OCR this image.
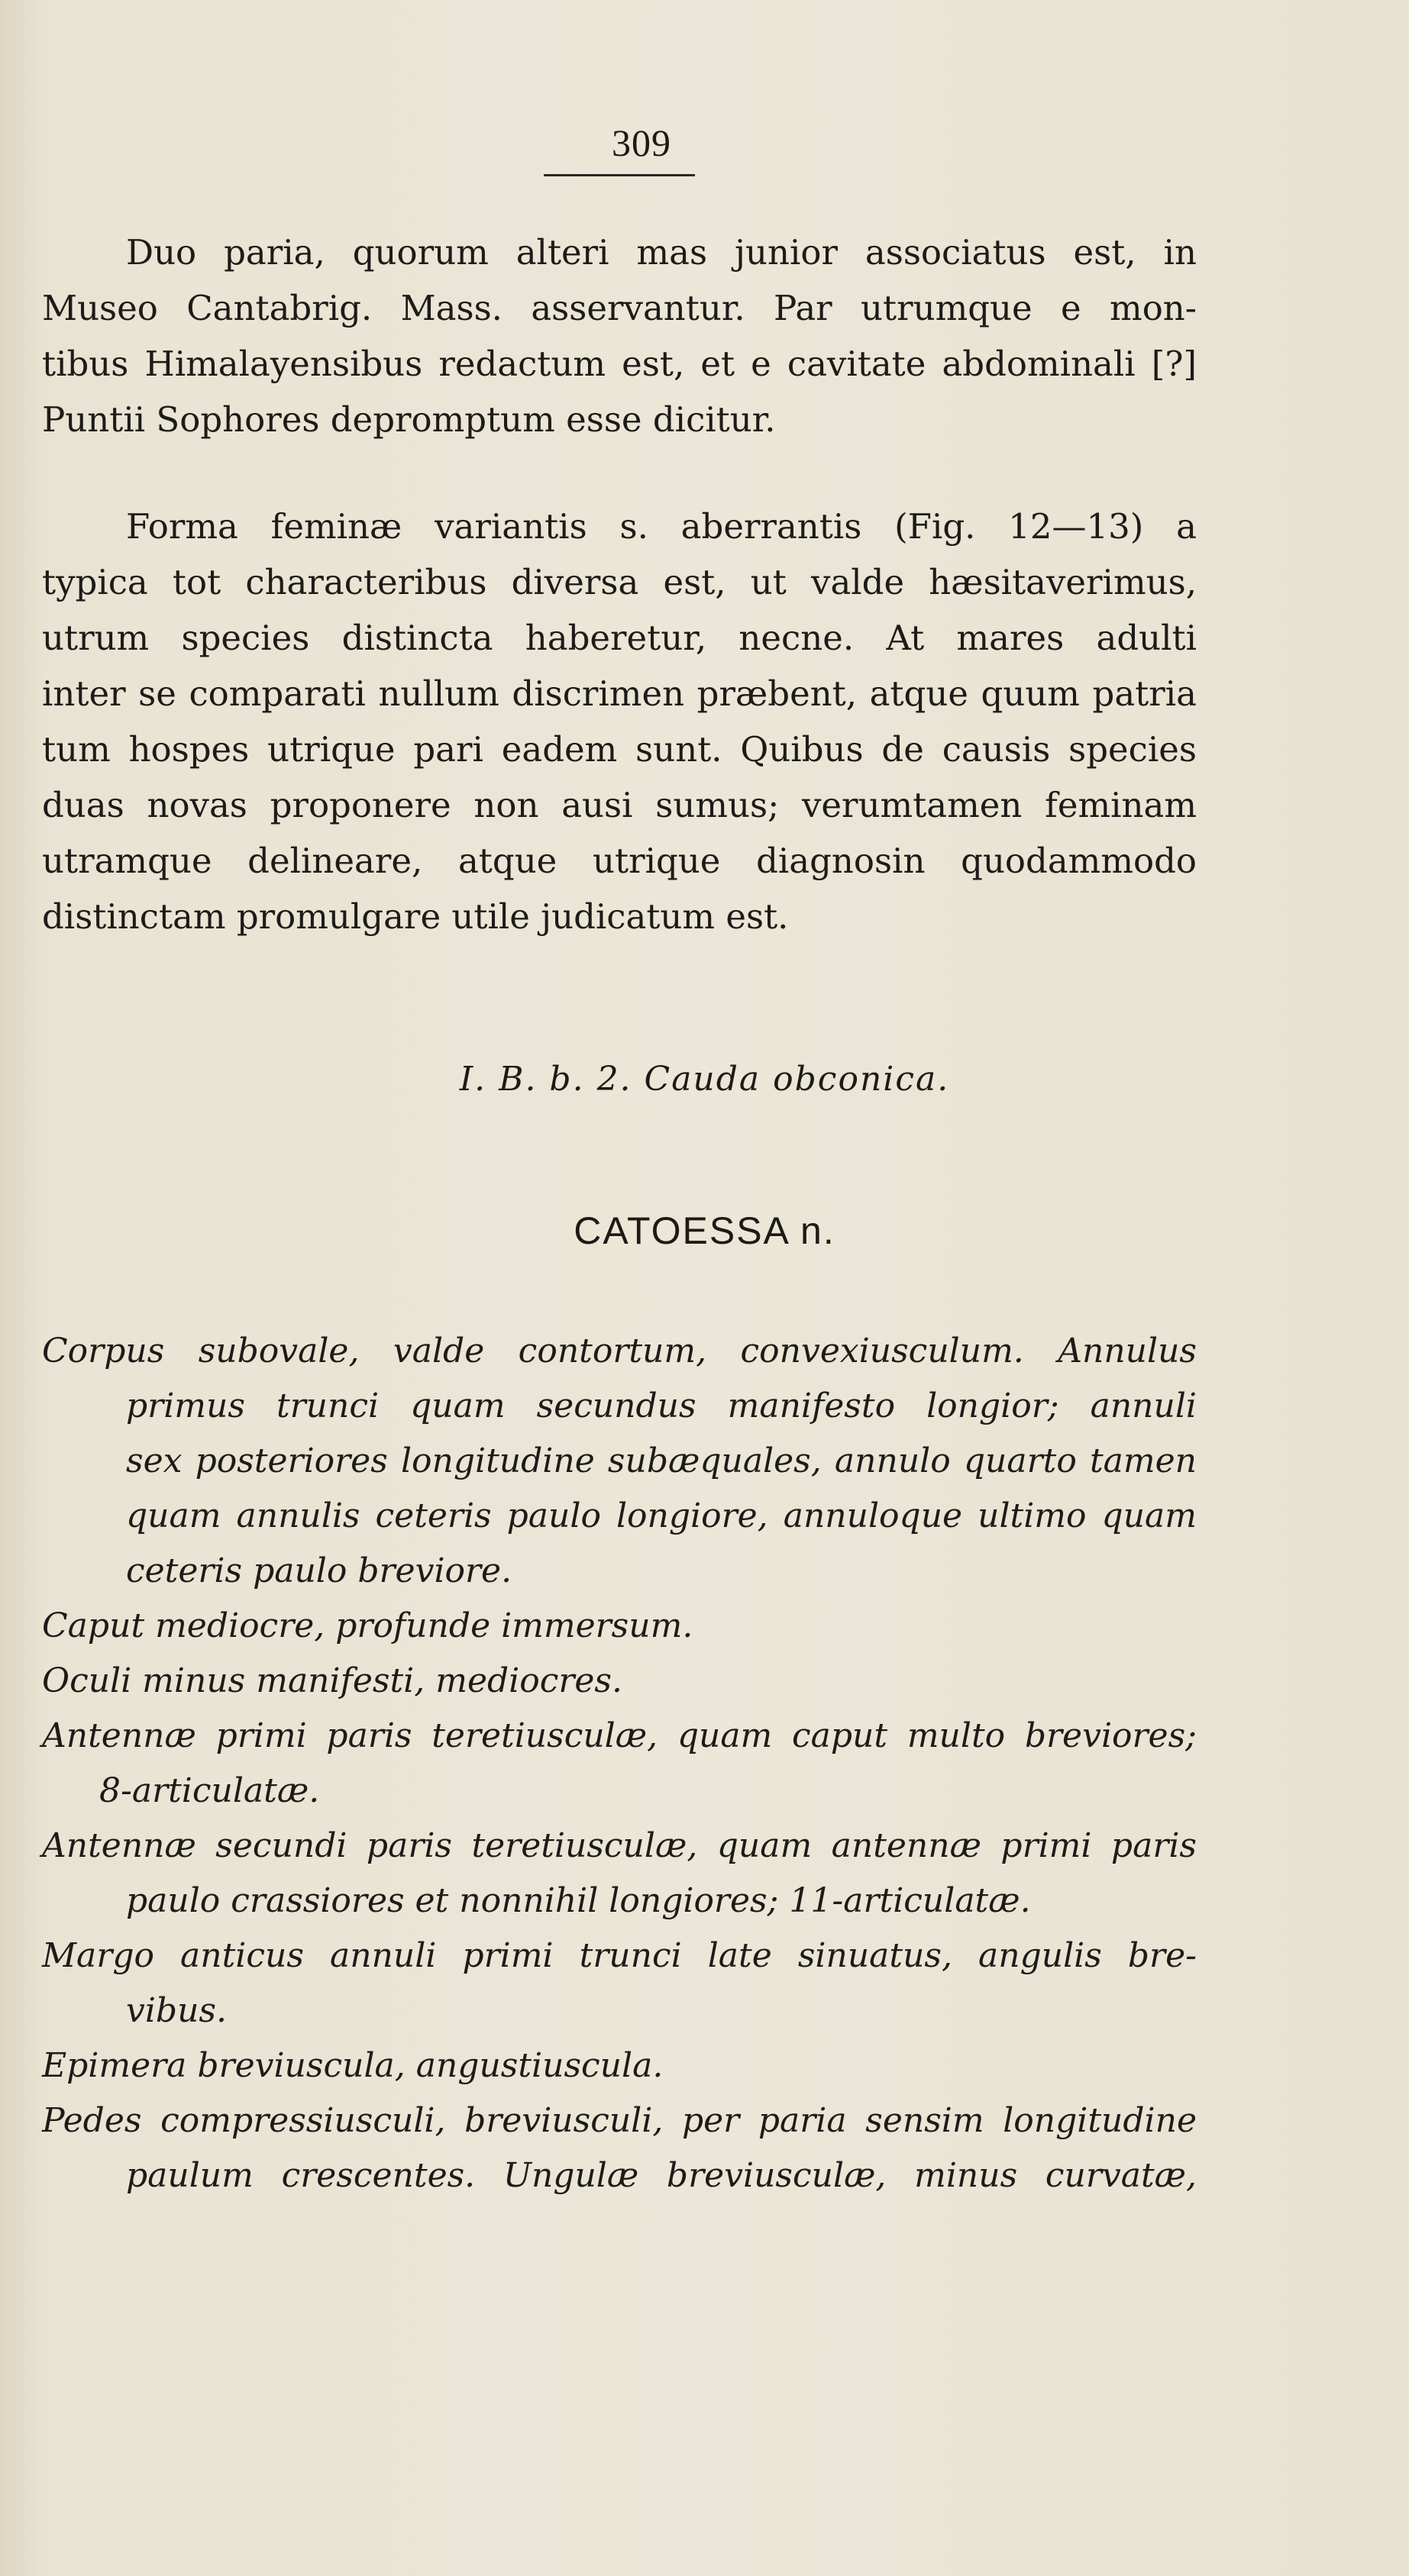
309
Duo paria, quorum alteri mas junior associatus est, in
Museo Cantabrig. Mass. asservantur. Par utrumque e mon-
tibus Himalayensibus redactum est, et e cavitate abdominali [?]
Puntii Sophores depromptum esse dicitur.
Forma feminæ variantis s. aberrantis (Fig. 12—13) a
typica tot characteribus diversa est, ut valde hæsitaverimus,
utrum species distincta haberetur, necne. At mares adulti
inter se comparati nullum discrimen præbent, atque quum patria
tum hospes utrique pari eadem sunt. Quibus de causis species
duas novas proponere non ausi sumus; verumtamen feminam
utramque delineare, atque utrique diagnosin quodammodo
distinctam promulgare utile judicatum est.
I. B. b. 2. Cauda obconica.
CATOESSA n.
Corpus subovale, valde contortum, convexiusculum. Annulus
primus trunci quam secundus manifesto longior; annuli
sex posteriores longitudine subæquales, annulo quarto tamen
quam annulis ceteris paulo longiore, annuloque ultimo quam
ceteris paulo breviore.
Caput mediocre, profunde immersum.
Oculi minus manifesti, mediocres.
Antennæ primi paris teretiusculæ, quam caput multo breviores;
8-articulatæ.
Antennæ secundi paris teretiusculæ, quam antennæ primi paris
paulo crassiores et nonnihil longiores; 11-articulatæ.
Margo anticus annuli primi trunci late sinuatus, angulis bre-
vibus.
Epimera breviuscula, angustiuscula.
Pedes compressiusculi, breviusculi, per paria sensim longitudine
paulum crescentes. Ungulæ breviusculæ, minus curvatæ,
